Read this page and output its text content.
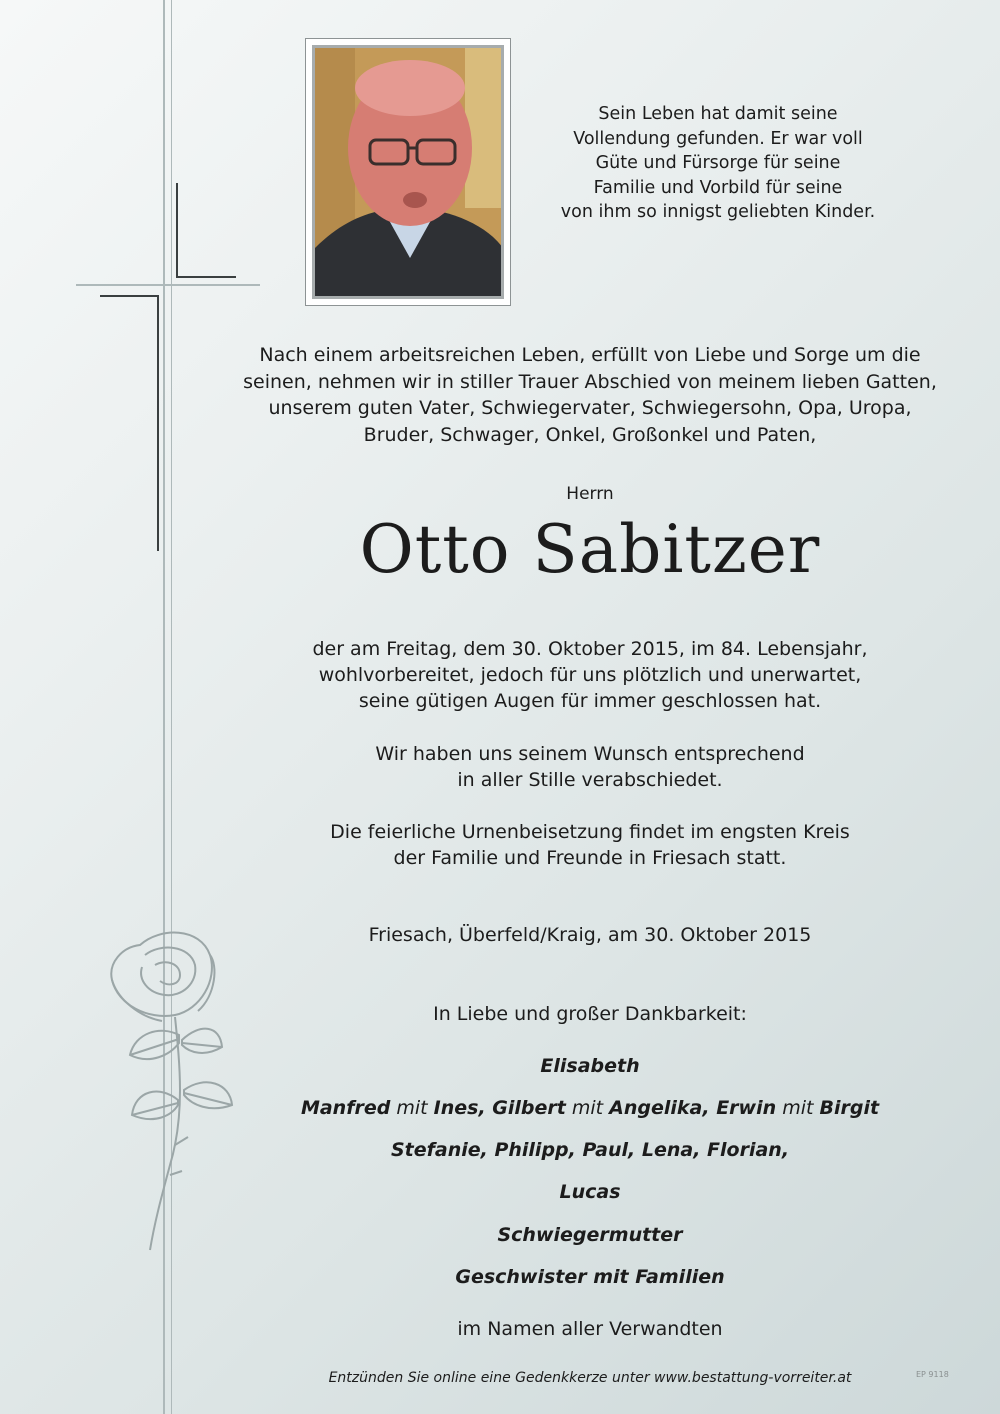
Sein Leben hat damit seine
Vollendung gefunden. Er war voll
Güte und Fürsorge für seine
Familie und Vorbild für seine
von ihm so innigst geliebten Kinder.
Nach einem arbeitsreichen Leben, erfüllt von Liebe und Sorge um die
seinen, nehmen wir in stiller Trauer Abschied von meinem lieben Gatten,
unserem guten Vater, Schwiegervater, Schwiegersohn, Opa, Uropa,
Bruder, Schwager, Onkel, Großonkel und Paten,
Herrn
Otto Sabitzer
der am Freitag, dem 30. Oktober 2015, im 84. Lebensjahr,
wohlvorbereitet, jedoch für uns plötzlich und unerwartet,
seine gütigen Augen für immer geschlossen hat.
Wir haben uns seinem Wunsch entsprechend
in aller Stille verabschiedet.
Die feierliche Urnenbeisetzung findet im engsten Kreis
der Familie und Freunde in Friesach statt.
Friesach, Überfeld/Kraig, am 30. Oktober 2015
In Liebe und großer Dankbarkeit:
Elisabeth
Manfred mit Ines, Gilbert mit Angelika, Erwin mit Birgit
Stefanie, Philipp, Paul, Lena, Florian,
Lucas
Schwiegermutter
Geschwister mit Familien
im Namen aller Verwandten
Entzünden Sie online eine Gedenkkerze unter www.bestattung-vorreiter.at	EP 9118
